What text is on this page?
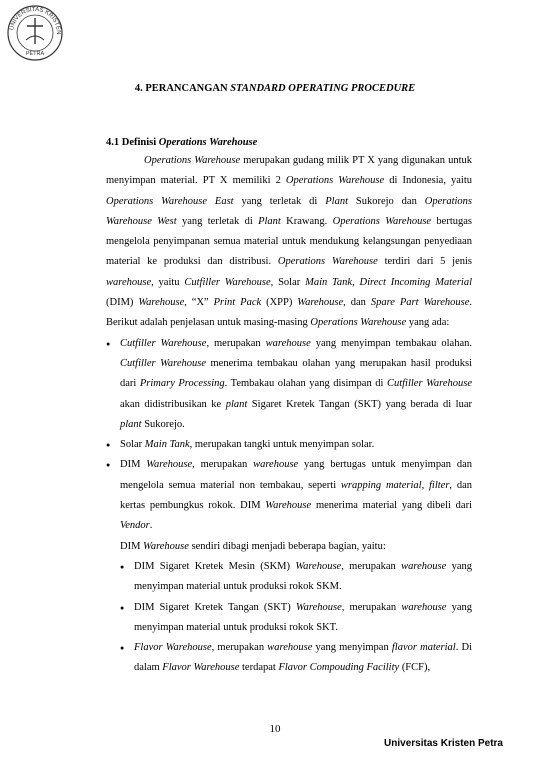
UNIVERSITAS KRISTEN
PETRA
4. PERANCANGAN STANDARD OPERATING PROCEDURE
4.1 Definisi Operations Warehouse

Operations Warehouse merupakan gudang milik PT X yang digunakan untuk menyimpan material. PT X memiliki 2 Operations Warehouse di Indonesia, yaitu Operations Warehouse East yang terletak di Plant Sukorejo dan Operations Warehouse West yang terletak di Plant Krawang. Operations Warehouse bertugas mengelola penyimpanan semua material untuk mendukung kelangsungan penyediaan material ke produksi dan distribusi. Operations Warehouse terdiri dari 5 jenis warehouse, yaitu Cutfiller Warehouse, Solar Main Tank, Direct Incoming Material (DIM) Warehouse, “X” Print Pack (XPP) Warehouse, dan Spare Part Warehouse. Berikut adalah penjelasan untuk masing-masing Operations Warehouse yang ada:

● Cutfiller Warehouse, merupakan warehouse yang menyimpan tembakau olahan. Cutfiller Warehouse menerima tembakau olahan yang merupakan hasil produksi dari Primary Processing. Tembakau olahan yang disimpan di Cutfiller Warehouse akan didistribusikan ke plant Sigaret Kretek Tangan (SKT) yang berada di luar plant Sukorejo.
● Solar Main Tank, merupakan tangki untuk menyimpan solar.
● DIM Warehouse, merupakan warehouse yang bertugas untuk menyimpan dan mengelola semua material non tembakau, seperti wrapping material, filter, dan kertas pembungkus rokok. DIM Warehouse menerima material yang dibeli dari Vendor.

DIM Warehouse sendiri dibagi menjadi beberapa bagian, yaitu:

● DIM Sigaret Kretek Mesin (SKM) Warehouse, merupakan warehouse yang menyimpan material untuk produksi rokok SKM.
● DIM Sigaret Kretek Tangan (SKT) Warehouse, merupakan warehouse yang menyimpan material untuk produksi rokok SKT.
● Flavor Warehouse, merupakan warehouse yang menyimpan flavor material. Di dalam Flavor Warehouse terdapat Flavor Compouding Facility (FCF),
10
Universitas Kristen Petra
